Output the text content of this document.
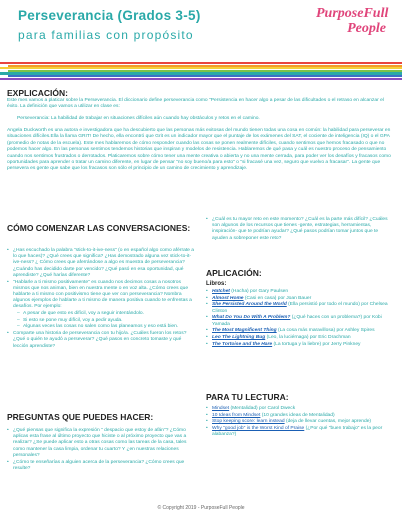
Perseverancia (Grados 3-5)
para familias con propósito
PurposeFull
People
EXPLICACIÓN:
Este mes vamos a platicar sobre la Perseverancia. El diccionario define perseverancia como "Persistencia en hacer algo a pesar de las dificultades o el retraso en alcanzar el éxito. La definición que vamos a utilizar en clase es:
Perseverancia: La habilidad de trabajar en situaciones difíciles aún cuando hay obstáculos y retos en el camino.
Angela Duckworth es una autora e investigadora que ha descubierto que las personas más exitosas del mundo tienen todas una cosa en común: la habilidad para perseverar en situaciones difíciles.Ella la llama GRIT! De hecho, ella encontró que Grit es un indicador mayor que el puntaje de los exámenes del SAT, el cociente de inteligencia (IQ) o el GPA (promedio de notas de la escuela). Este mes hablaremos de cómo responder cuando las cosas se ponen realmente difíciles, cuando sentimos que hemos fracasado o que no podemos hacer algo. En las personas sentimos tendemos historias que inspiran y modelos de resistencia. Hablaremos de qué pasa y cuál es nuestro proceso de pensamiento cuando nos sentimos frustrados o derrotados. Platicaremos sobre cómo tener una mente creativa o abierta y no una mente cerrada, para poder ver los desafíos y fracasos como oportunidades para aprender o tratar un camino diferente, en lugar de pensar "no soy bueno/a para esto" o "si fracasé una vez, seguro que vuelvo a fracasar". La gente que persevera es gente que sabe que los fracasos son sólo el principio de un camino de crecimiento y aprendizaje.
CÓMO COMENZAR LAS CONVERSACIONES:
• ¿Has escuchado la palabra "stick-to-it-ive-ness" (o en español algo como aférrate a lo que haces)? ¿Qué crees que significa? ¿Has demostrado alguna vez stick-to-it-ive-ness? ¿ Cómo crees que aferrándose a algo es muestra de perseverancia? ¿Cuándo has decidido darte por vencido? ¿Qué pasó en esa oportunidad, qué aprendiste? ¿Qué harías diferente?
• "Hablarle a ti mismo positivamente" es cuando nos decimos cosas a nosotros mismos que nos animan, bien en nuestra mente o en voz alta. ¿Cómo crees que hablarte a ti mismo con positivismo tiene que ver con perseverancia? Nombra algunos ejemplos de hablarte a ti mismo de manera positiva cuando te enfrentas a desafíos. Por ejemplo:
– A pesar de que esto es difícil, voy a seguir intentándolo.
– Si esto se pone muy difícil, voy a pedir ayuda.
– Algunas veces las cosas no salen como las planeamos y eso está bien.
• Comparte una historia de perseverancia con tu hijo/a. ¿Cuáles fueron los retos? ¿Qué o quién te ayudó a perseverar? ¿Qué pasos en concreto tomaste y qué lección aprendiste?
PREGUNTAS QUE PUEDES HACER:
• ¿Qué piensas que significa la expresión " despacio que estoy de afán"? ¿Cómo aplicas esta frase al último proyecto que hiciste o al próximo proyecto que vas a realizar? ¿Se puede aplicar esto a otras cosas como las tareas de la casa, tales como mantener la casa limpia, ordenar tu cuarto? Y ¿en nuestras relaciones personales?
• ¿Cómo te enseñarías a alguien acerca de la perseverancia? ¿Cómo crees que resulte?
• ¿Cuál es tu mayor reto en este momento? ¿Cuál es la parte más difícil? ¿Cuáles son algunos de los recursos que tienes -gente, estrategias, herramientas, inspiración- que te podrían ayudar? ¿Qué pasos podrían tomar juntos que te ayuden a sobreponer este reto?
APLICACIÓN:
Libros:
• Hatchet (Hacha) por Gary Paulsen
• Almost Home (Casi en casa) por Joan Bauer
• She Persisted Around the World (Ella persistió por todo el mundo) por Chelsea Clinton
• What Do You Do With A Problem? (¿Qué haces con un problema?) por Kobi Yamada
• The Most Magnificent Thing (La cosa más maravillosa) por Ashley Spires
• Leo The Lightning Bug (Leo, la luciérnaga) por Eric Drachman
• The Tortoise and the Hare (La tortuga y la liebre) por Jerry Pinkney
PARA TU LECTURA:
• Mindset (Mentalidad) por Carol Dweck
• 10 Ideas from Mindset (10 grandes ideas de Mentalidad)
• Stop keeping score: learn instead (deja de llevar cuentas, mejor aprende)
• Why "good job" is the Worst Kind of Praise (¿Por qué "buen trabajo" es la peor alabanza?)
© Copyright 2019 - PurposeFull People
